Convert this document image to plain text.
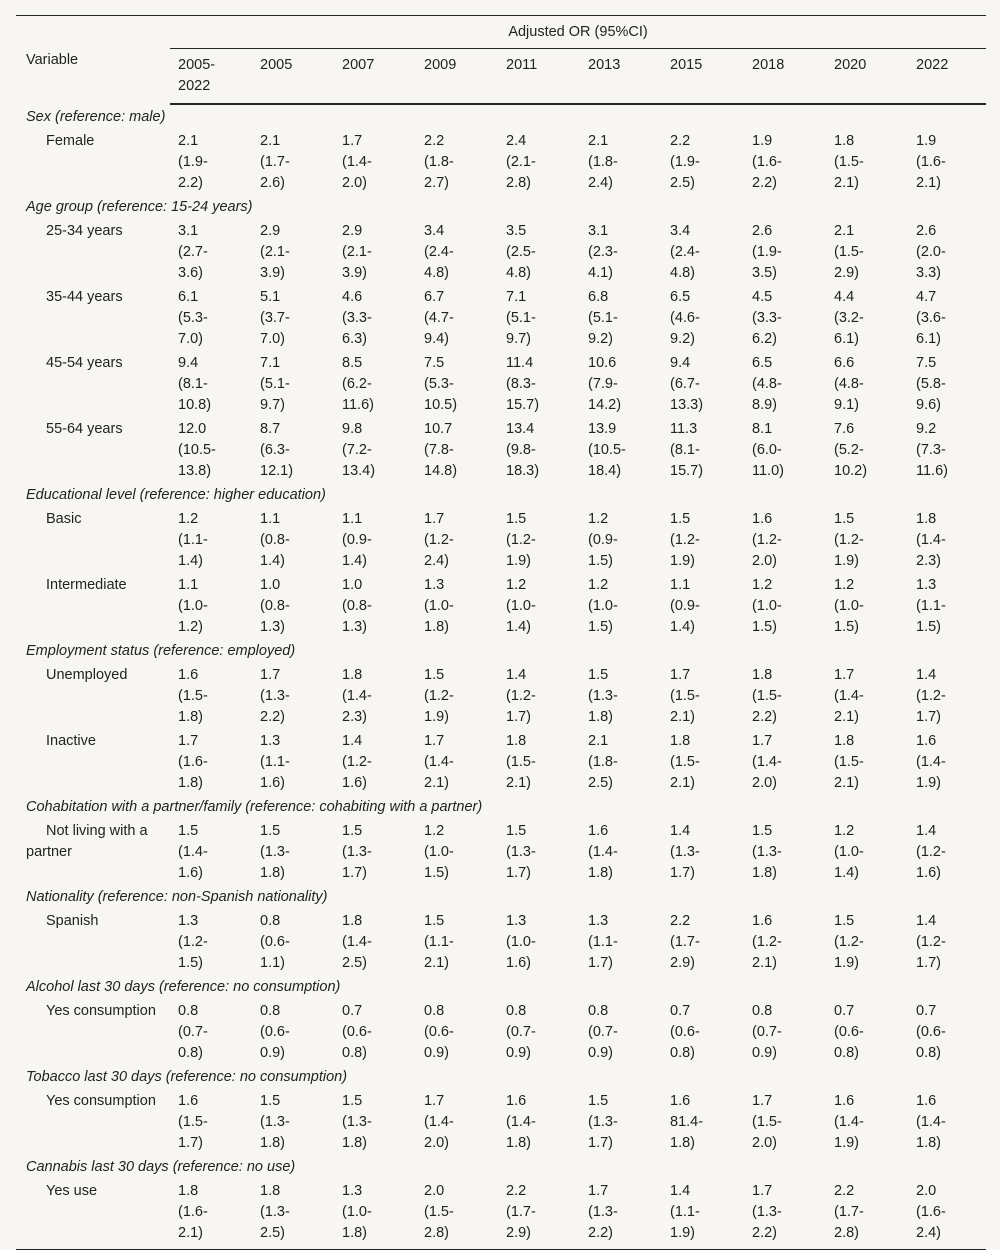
Variable	Adjusted OR (95%CI)									

	2005-
2022	2005	2007	2009	2011	2013	2015	2018	2020	2022
Sex (reference: male)										
Female	2.1
(1.9-
2.2)	2.1
(1.7-
2.6)	1.7
(1.4-
2.0)	2.2
(1.8-
2.7)	2.4
(2.1-
2.8)	2.1
(1.8-
2.4)	2.2
(1.9-
2.5)	1.9
(1.6-
2.2)	1.8
(1.5-
2.1)	1.9
(1.6-
2.1)

Age group (reference: 15-24 years)										
25-34 years	3.1
(2.7-
3.6)	2.9
(2.1-
3.9)	2.9
(2.1-
3.9)	3.4
(2.4-
4.8)	3.5
(2.5-
4.8)	3.1
(2.3-
4.1)	3.4
(2.4-
4.8)	2.6
(1.9-
3.5)	2.1
(1.5-
2.9)	2.6
(2.0-
3.3)

35-44 years	6.1
(5.3-
7.0)	5.1
(3.7-
7.0)	4.6
(3.3-
6.3)	6.7
(4.7-
9.4)	7.1
(5.1-
9.7)	6.8
(5.1-
9.2)	6.5
(4.6-
9.2)	4.5
(3.3-
6.2)	4.4
(3.2-
6.1)	4.7
(3.6-
6.1)

45-54 years	9.4
(8.1-
10.8)	7.1
(5.1-
9.7)	8.5
(6.2-
11.6)	7.5
(5.3-
10.5)	11.4
(8.3-
15.7)	10.6
(7.9-
14.2)	9.4
(6.7-
13.3)	6.5
(4.8-
8.9)	6.6
(4.8-
9.1)	7.5
(5.8-
9.6)

55-64 years	12.0
(10.5-
13.8)	8.7
(6.3-
12.1)	9.8
(7.2-
13.4)	10.7
(7.8-
14.8)	13.4
(9.8-
18.3)	13.9
(10.5-
18.4)	11.3
(8.1-
15.7)	8.1
(6.0-
11.0)	7.6
(5.2-
10.2)	9.2
(7.3-
11.6)

Educational level (reference: higher education)										
Basic	1.2
(1.1-
1.4)	1.1
(0.8-
1.4)	1.1
(0.9-
1.4)	1.7
(1.2-
2.4)	1.5
(1.2-
1.9)	1.2
(0.9-
1.5)	1.5
(1.2-
1.9)	1.6
(1.2-
2.0)	1.5
(1.2-
1.9)	1.8
(1.4-
2.3)

Intermediate	1.1
(1.0-
1.2)	1.0
(0.8-
1.3)	1.0
(0.8-
1.3)	1.3
(1.0-
1.8)	1.2
(1.0-
1.4)	1.2
(1.0-
1.5)	1.1
(0.9-
1.4)	1.2
(1.0-
1.5)	1.2
(1.0-
1.5)	1.3
(1.1-
1.5)

Employment status (reference: employed)										
Unemployed	1.6
(1.5-
1.8)	1.7
(1.3-
2.2)	1.8
(1.4-
2.3)	1.5
(1.2-
1.9)	1.4
(1.2-
1.7)	1.5
(1.3-
1.8)	1.7
(1.5-
2.1)	1.8
(1.5-
2.2)	1.7
(1.4-
2.1)	1.4
(1.2-
1.7)

Inactive	1.7
(1.6-
1.8)	1.3
(1.1-
1.6)	1.4
(1.2-
1.6)	1.7
(1.4-
2.1)	1.8
(1.5-
2.1)	2.1
(1.8-
2.5)	1.8
(1.5-
2.1)	1.7
(1.4-
2.0)	1.8
(1.5-
2.1)	1.6
(1.4-
1.9)

Cohabitation with a partner/family (reference: cohabiting with a partner)										
Not living with a partner	1.5
(1.4-
1.6)	1.5
(1.3-
1.8)	1.5
(1.3-
1.7)	1.2
(1.0-
1.5)	1.5
(1.3-
1.7)	1.6
(1.4-
1.8)	1.4
(1.3-
1.7)	1.5
(1.3-
1.8)	1.2
(1.0-
1.4)	1.4
(1.2-
1.6)

Nationality (reference: non-Spanish nationality)										
Spanish	1.3
(1.2-
1.5)	0.8
(0.6-
1.1)	1.8
(1.4-
2.5)	1.5
(1.1-
2.1)	1.3
(1.0-
1.6)	1.3
(1.1-
1.7)	2.2
(1.7-
2.9)	1.6
(1.2-
2.1)	1.5
(1.2-
1.9)	1.4
(1.2-
1.7)

Alcohol last 30 days (reference: no consumption)										
Yes consumption	0.8
(0.7-
0.8)	0.8
(0.6-
0.9)	0.7
(0.6-
0.8)	0.8
(0.6-
0.9)	0.8
(0.7-
0.9)	0.8
(0.7-
0.9)	0.7
(0.6-
0.8)	0.8
(0.7-
0.9)	0.7
(0.6-
0.8)	0.7
(0.6-
0.8)

Tobacco last 30 days (reference: no consumption)										
Yes consumption	1.6
(1.5-
1.7)	1.5
(1.3-
1.8)	1.5
(1.3-
1.8)	1.7
(1.4-
2.0)	1.6
(1.4-
1.8)	1.5
(1.3-
1.7)	1.6
81.4-
1.8)	1.7
(1.5-
2.0)	1.6
(1.4-
1.9)	1.6
(1.4-
1.8)

Cannabis last 30 days (reference: no use)										
Yes use	1.8
(1.6-
2.1)	1.8
(1.3-
2.5)	1.3
(1.0-
1.8)	2.0
(1.5-
2.8)	2.2
(1.7-
2.9)	1.7
(1.3-
2.2)	1.4
(1.1-
1.9)	1.7
(1.3-
2.2)	2.2
(1.7-
2.8)	2.0
(1.6-
2.4)
